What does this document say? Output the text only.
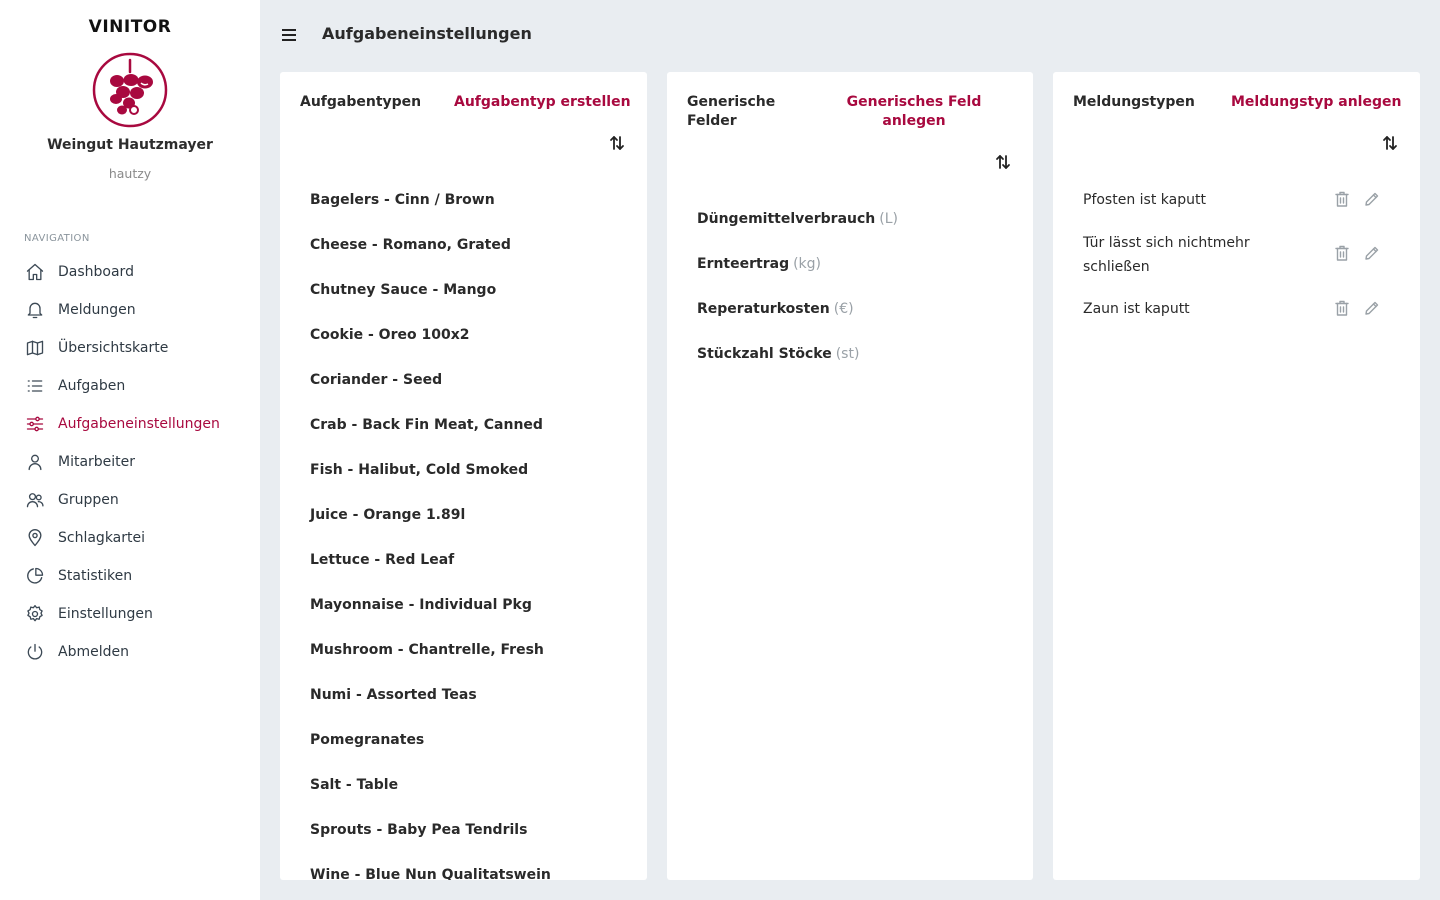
VINITOR
Weingut Hautzmayer
hautzy
NAVIGATION
Dashboard
Meldungen
Übersichtskarte
Aufgaben
Aufgabeneinstellungen
Mitarbeiter
Gruppen
Schlagkartei
Statistiken
Einstellungen
Abmelden
Aufgabeneinstellungen
Aufgabentypen Aufgabentyp erstellen
Bagelers - Cinn / Brown
Cheese - Romano, Grated
Chutney Sauce - Mango
Cookie - Oreo 100x2
Coriander - Seed
Crab - Back Fin Meat, Canned
Fish - Halibut, Cold Smoked
Juice - Orange 1.89l
Lettuce - Red Leaf
Mayonnaise - Individual Pkg
Mushroom - Chantrelle, Fresh
Numi - Assorted Teas
Pomegranates
Salt - Table
Sprouts - Baby Pea Tendrils
Wine - Blue Nun Qualitatswein
Generische
Felder
Generisches Feld
anlegen
Düngemittelverbrauch (L)
Ernteertrag (kg)
Reperaturkosten (€)
Stückzahl Stöcke (st)
Meldungstypen	Meldungstyp anlegen
Pfosten ist kaputt
Tür lässt sich nichtmehr
schließen
Zaun ist kaputt
